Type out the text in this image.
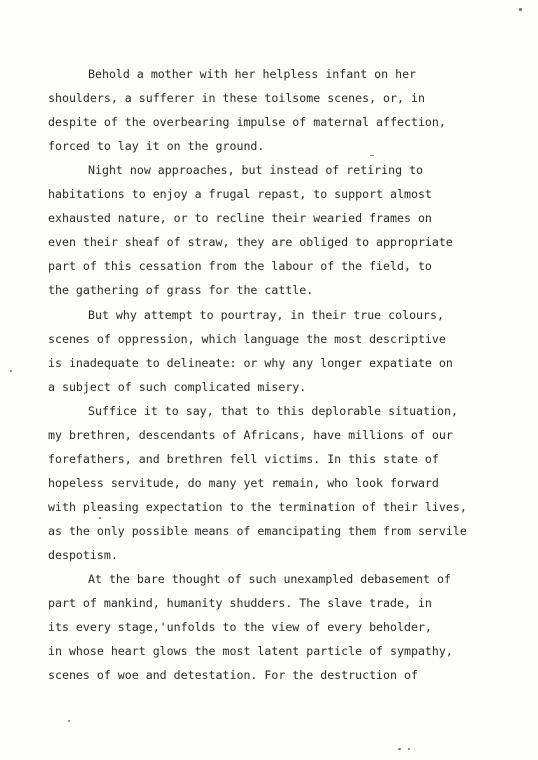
Behold a mother with her helpless infant on her

shoulders, a sufferer in these toilsome scenes, or, in

despite of the overbearing impulse of maternal affection,

forced to lay it on the ground.

Night now approaches, but instead of retiring to

habitations to enjoy a frugal repast, to support almost

exhausted nature, or to recline their wearied frames on

even their sheaf of straw, they are obliged to appropriate

part of this cessation from the labour of the field, to

the gathering of grass for the cattle.

But why attempt to pourtray, in their true colours,

scenes of oppression, which language the most descriptive

is inadequate to delineate: or why any longer expatiate on

a subject of such complicated misery.

Suffice it to say, that to this deplorable situation,

my brethren, descendants of Africans, have millions of our

forefathers, and brethren fell victims. In this state of

hopeless servitude, do many yet remain, who look forward

with pleasing expectation to the termination of their lives,

as the only possible means of emancipating them from servile

despotism.

At the bare thought of such unexampled debasement of

part of mankind, humanity shudders. The slave trade, in

its every stage,'unfolds to the view of every beholder,

in whose heart glows the most latent particle of sympathy,

scenes of woe and detestation. For the destruction of
